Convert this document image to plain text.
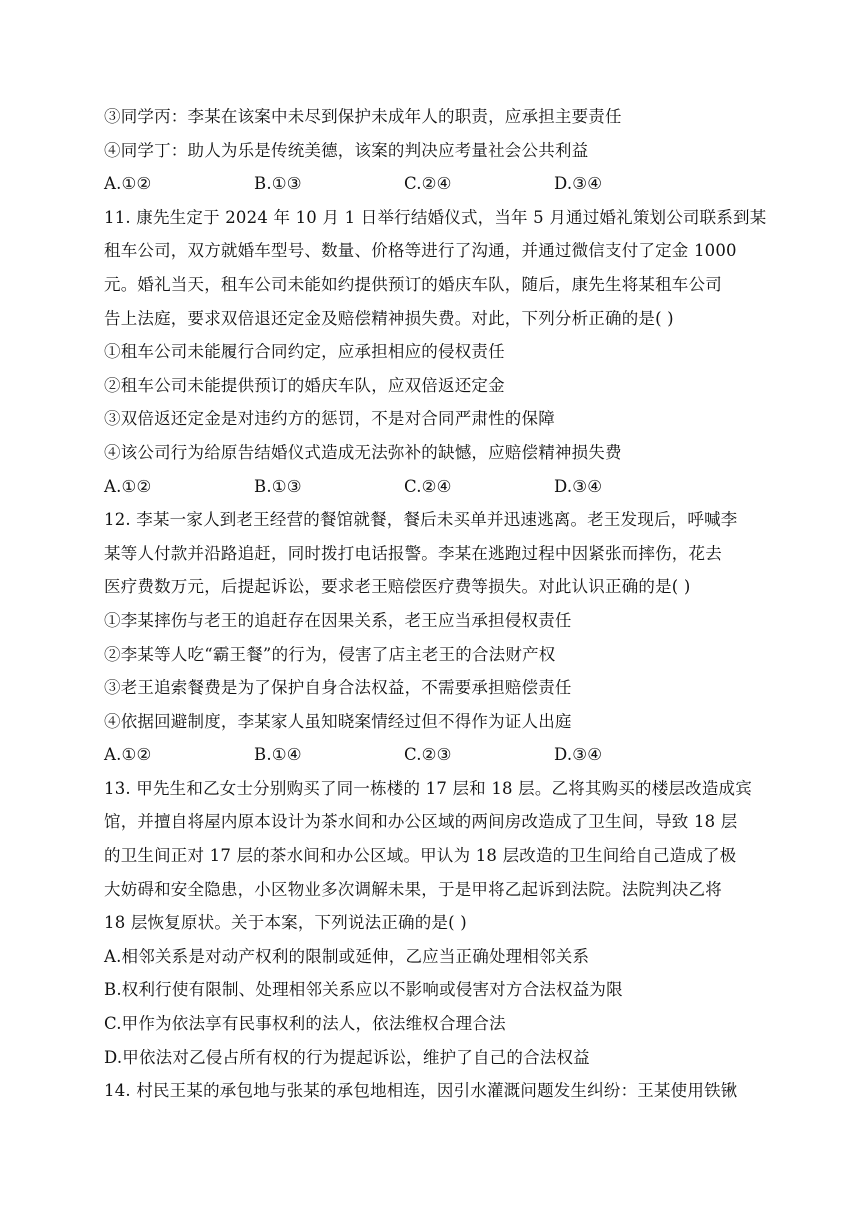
③同学丙：李某在该案中未尽到保护未成年人的职责，应承担主要责任
④同学丁：助人为乐是传统美德，该案的判决应考量社会公共利益
A.①②	B.①③	C.②④	D.③④
11. 康先生定于 2024 年 10 月 1 日举行结婚仪式，当年 5 月通过婚礼策划公司联系到某
租车公司，双方就婚车型号、数量、价格等进行了沟通，并通过微信支付了定金 1000
元。婚礼当天，租车公司未能如约提供预订的婚庆车队，随后，康先生将某租车公司
告上法庭，要求双倍退还定金及赔偿精神损失费。对此，下列分析正确的是( )
①租车公司未能履行合同约定，应承担相应的侵权责任
②租车公司未能提供预订的婚庆车队，应双倍返还定金
③双倍返还定金是对违约方的惩罚，不是对合同严肃性的保障
④该公司行为给原告结婚仪式造成无法弥补的缺憾，应赔偿精神损失费
A.①②	B.①③	C.②④	D.③④
12. 李某一家人到老王经营的餐馆就餐，餐后未买单并迅速逃离。老王发现后，呼喊李
某等人付款并沿路追赶，同时拨打电话报警。李某在逃跑过程中因紧张而摔伤，花去
医疗费数万元，后提起诉讼，要求老王赔偿医疗费等损失。对此认识正确的是( )
①李某摔伤与老王的追赶存在因果关系，老王应当承担侵权责任
②李某等人吃“霸王餐”的行为，侵害了店主老王的合法财产权
③老王追索餐费是为了保护自身合法权益，不需要承担赔偿责任
④依据回避制度，李某家人虽知晓案情经过但不得作为证人出庭
A.①②	B.①④	C.②③	D.③④
13. 甲先生和乙女士分别购买了同一栋楼的 17 层和 18 层。乙将其购买的楼层改造成宾
馆，并擅自将屋内原本设计为茶水间和办公区域的两间房改造成了卫生间，导致 18 层
的卫生间正对 17 层的茶水间和办公区域。甲认为 18 层改造的卫生间给自己造成了极
大妨碍和安全隐患，小区物业多次调解未果，于是甲将乙起诉到法院。法院判决乙将
18 层恢复原状。关于本案，下列说法正确的是( )
A.相邻关系是对动产权利的限制或延伸，乙应当正确处理相邻关系
B.权利行使有限制、处理相邻关系应以不影响或侵害对方合法权益为限
C.甲作为依法享有民事权利的法人，依法维权合理合法
D.甲依法对乙侵占所有权的行为提起诉讼，维护了自己的合法权益
14. 村民王某的承包地与张某的承包地相连，因引水灌溉问题发生纠纷：王某使用铁锹
